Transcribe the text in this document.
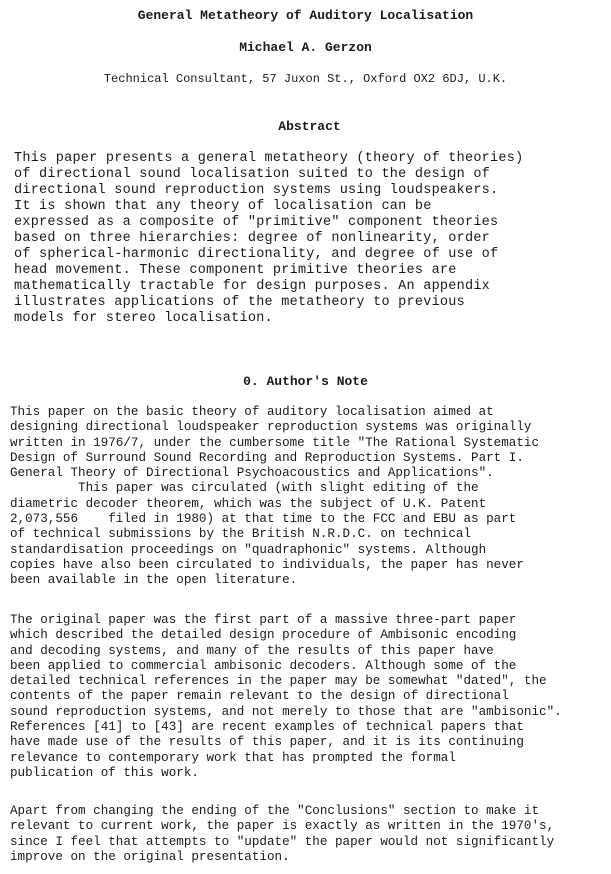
General Metatheory of Auditory Localisation
Michael A. Gerzon
Technical Consultant, 57 Juxon St., Oxford OX2 6DJ, U.K.
Abstract
This paper presents a general metatheory (theory of theories)
of directional sound localisation suited to the design of
directional sound reproduction systems using loudspeakers.
It is shown that any theory of localisation can be
expressed as a composite of "primitive" component theories
based on three hierarchies: degree of nonlinearity, order
of spherical-harmonic directionality, and degree of use of
head movement. These component primitive theories are
mathematically tractable for design purposes. An appendix
illustrates applications of the metatheory to previous
models for stereo localisation.
0. Author's Note
This paper on the basic theory of auditory localisation aimed at
designing directional loudspeaker reproduction systems was originally
written in 1976/7, under the cumbersome title "The Rational Systematic
Design of Surround Sound Recording and Reproduction Systems. Part I.
General Theory of Directional Psychoacoustics and Applications".
This paper was circulated (with slight editing of the
diametric decoder theorem, which was the subject of U.K. Patent
2,073,556    filed in 1980) at that time to the FCC and EBU as part
of technical submissions by the British N.R.D.C. on technical
standardisation proceedings on "quadraphonic" systems. Although
copies have also been circulated to individuals, the paper has never
been available in the open literature.
The original paper was the first part of a massive three-part paper
which described the detailed design procedure of Ambisonic encoding
and decoding systems, and many of the results of this paper have
been applied to commercial ambisonic decoders. Although some of the
detailed technical references in the paper may be somewhat "dated", the
contents of the paper remain relevant to the design of directional
sound reproduction systems, and not merely to those that are "ambisonic".
References [41] to [43] are recent examples of technical papers that
have made use of the results of this paper, and it is its continuing
relevance to contemporary work that has prompted the formal
publication of this work.
Apart from changing the ending of the "Conclusions" section to make it
relevant to current work, the paper is exactly as written in the 1970's,
since I feel that attempts to "update" the paper would not significantly
improve on the original presentation.
